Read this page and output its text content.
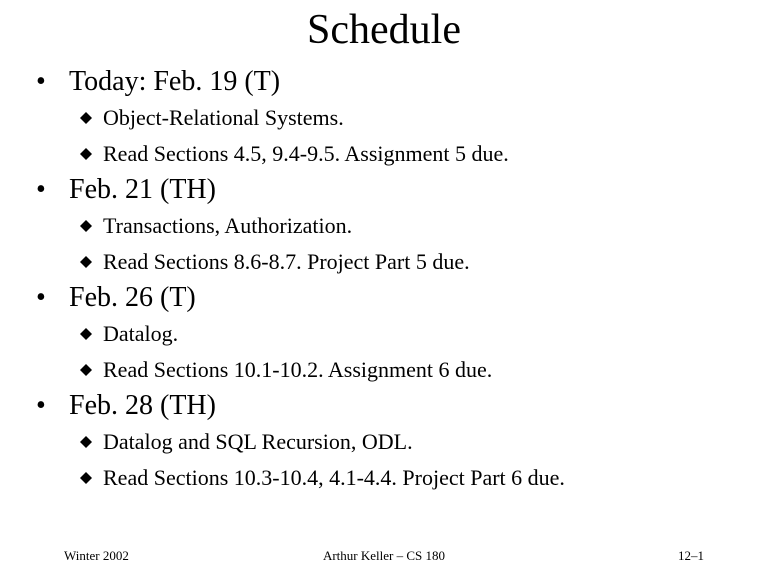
Schedule
• Today: Feb. 19 (T)
Object-Relational Systems.
Read Sections 4.5, 9.4-9.5. Assignment 5 due.
• Feb. 21 (TH)
Transactions, Authorization.
Read Sections 8.6-8.7. Project Part 5 due.
• Feb. 26 (T)
Datalog.
Read Sections 10.1-10.2. Assignment 6 due.
• Feb. 28 (TH)
Datalog and SQL Recursion, ODL.
Read Sections 10.3-10.4, 4.1-4.4. Project Part 6 due.
Winter 2002	Arthur Keller – CS 180	12–1
